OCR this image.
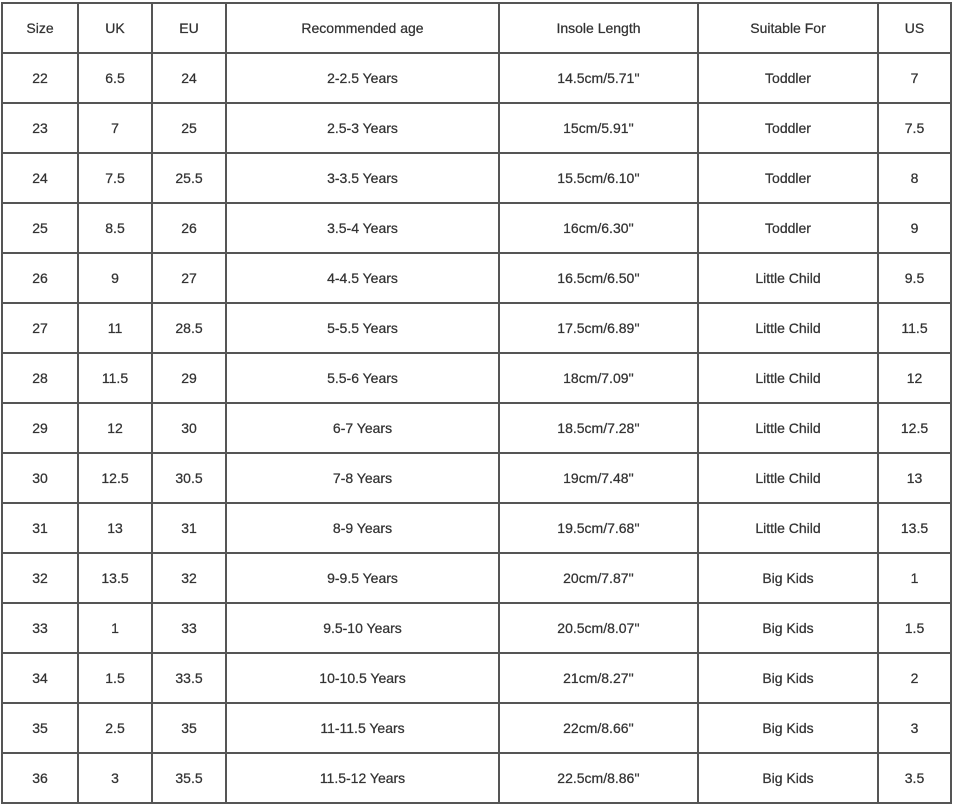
Size	UK	EU	Recommended age	Insole Length	Suitable For	US
22	6.5	24	2-2.5 Years	14.5cm/5.71''	Toddler	7
23	7	25	2.5-3 Years	15cm/5.91''	Toddler	7.5
24	7.5	25.5	3-3.5 Years	15.5cm/6.10''	Toddler	8
25	8.5	26	3.5-4 Years	16cm/6.30''	Toddler	9
26	9	27	4-4.5 Years	16.5cm/6.50''	Little Child	9.5
27	11	28.5	5-5.5 Years	17.5cm/6.89''	Little Child	11.5
28	11.5	29	5.5-6 Years	18cm/7.09''	Little Child	12
29	12	30	6-7 Years	18.5cm/7.28''	Little Child	12.5
30	12.5	30.5	7-8 Years	19cm/7.48''	Little Child	13
31	13	31	8-9 Years	19.5cm/7.68''	Little Child	13.5
32	13.5	32	9-9.5 Years	20cm/7.87''	Big Kids	1
33	1	33	9.5-10 Years	20.5cm/8.07''	Big Kids	1.5
34	1.5	33.5	10-10.5 Years	21cm/8.27''	Big Kids	2
35	2.5	35	11-11.5 Years	22cm/8.66''	Big Kids	3
36	3	35.5	11.5-12 Years	22.5cm/8.86''	Big Kids	3.5
